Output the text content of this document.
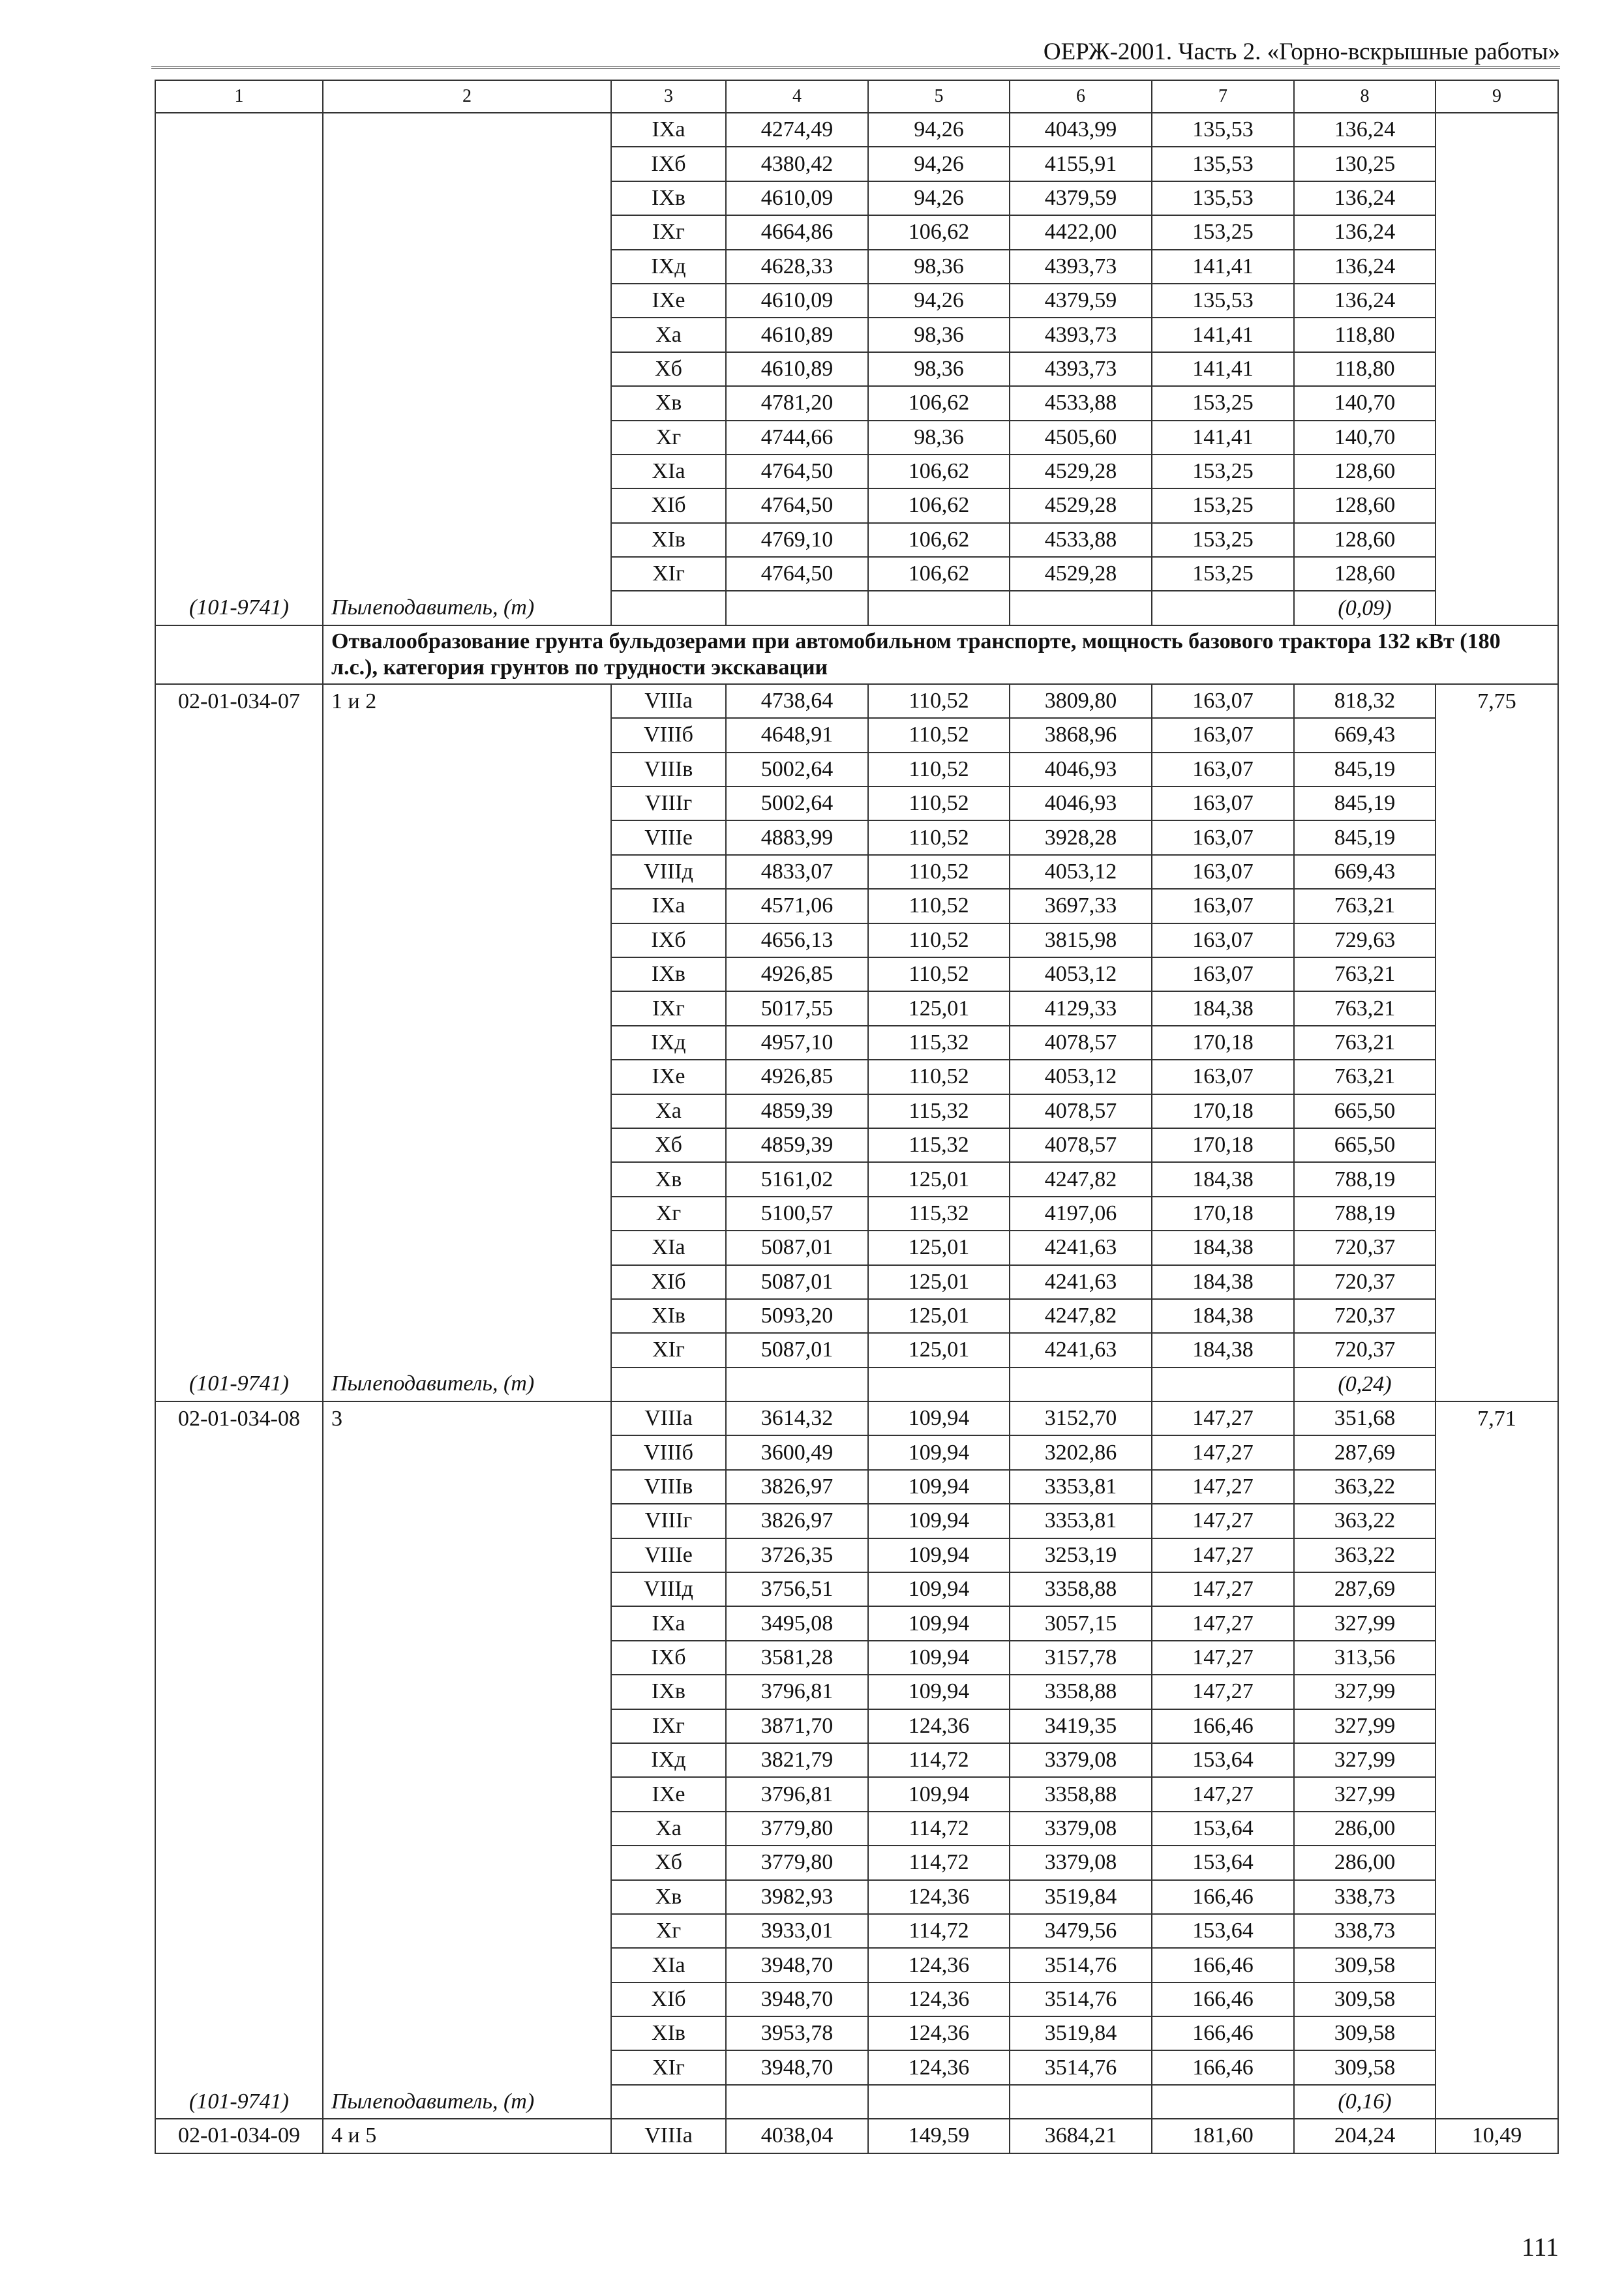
ОЕРЖ-2001. Часть 2. «Горно-вскрышные работы»
1	2	3	4	5	6	7	8	9
		IXа	4274,49	94,26	4043,99	135,53	136,24	
		IXб	4380,42	94,26	4155,91	135,53	130,25	
		IXв	4610,09	94,26	4379,59	135,53	136,24	
		IXг	4664,86	106,62	4422,00	153,25	136,24	
		IXд	4628,33	98,36	4393,73	141,41	136,24	
		IXе	4610,09	94,26	4379,59	135,53	136,24	
		Xа	4610,89	98,36	4393,73	141,41	118,80	
		Xб	4610,89	98,36	4393,73	141,41	118,80	
		Xв	4781,20	106,62	4533,88	153,25	140,70	
		Xг	4744,66	98,36	4505,60	141,41	140,70	
		XIа	4764,50	106,62	4529,28	153,25	128,60	
		XIб	4764,50	106,62	4529,28	153,25	128,60	
		XIв	4769,10	106,62	4533,88	153,25	128,60	
		XIг	4764,50	106,62	4529,28	153,25	128,60	
(101-9741)	Пылеподавитель, (т)						(0,09)	
	Отвалообразование грунта бульдозерами при автомобильном транспорте, мощность базового трактора 132 кВт (180 л.с.), категория грунтов по трудности экскавации							
02-01-034-07	1 и 2	VIIIа	4738,64	110,52	3809,80	163,07	818,32	7,75
		VIIIб	4648,91	110,52	3868,96	163,07	669,43	
		VIIIв	5002,64	110,52	4046,93	163,07	845,19	
		VIIIг	5002,64	110,52	4046,93	163,07	845,19	
		VIIIе	4883,99	110,52	3928,28	163,07	845,19	
		VIIIд	4833,07	110,52	4053,12	163,07	669,43	
		IXа	4571,06	110,52	3697,33	163,07	763,21	
		IXб	4656,13	110,52	3815,98	163,07	729,63	
		IXв	4926,85	110,52	4053,12	163,07	763,21	
		IXг	5017,55	125,01	4129,33	184,38	763,21	
		IXд	4957,10	115,32	4078,57	170,18	763,21	
		IXе	4926,85	110,52	4053,12	163,07	763,21	
		Xа	4859,39	115,32	4078,57	170,18	665,50	
		Xб	4859,39	115,32	4078,57	170,18	665,50	
		Xв	5161,02	125,01	4247,82	184,38	788,19	
		Xг	5100,57	115,32	4197,06	170,18	788,19	
		XIа	5087,01	125,01	4241,63	184,38	720,37	
		XIб	5087,01	125,01	4241,63	184,38	720,37	
		XIв	5093,20	125,01	4247,82	184,38	720,37	
		XIг	5087,01	125,01	4241,63	184,38	720,37	
(101-9741)	Пылеподавитель, (т)						(0,24)	
02-01-034-08	3	VIIIа	3614,32	109,94	3152,70	147,27	351,68	7,71
		VIIIб	3600,49	109,94	3202,86	147,27	287,69	
		VIIIв	3826,97	109,94	3353,81	147,27	363,22	
		VIIIг	3826,97	109,94	3353,81	147,27	363,22	
		VIIIе	3726,35	109,94	3253,19	147,27	363,22	
		VIIIд	3756,51	109,94	3358,88	147,27	287,69	
		IXа	3495,08	109,94	3057,15	147,27	327,99	
		IXб	3581,28	109,94	3157,78	147,27	313,56	
		IXв	3796,81	109,94	3358,88	147,27	327,99	
		IXг	3871,70	124,36	3419,35	166,46	327,99	
		IXд	3821,79	114,72	3379,08	153,64	327,99	
		IXе	3796,81	109,94	3358,88	147,27	327,99	
		Xа	3779,80	114,72	3379,08	153,64	286,00	
		Xб	3779,80	114,72	3379,08	153,64	286,00	
		Xв	3982,93	124,36	3519,84	166,46	338,73	
		Xг	3933,01	114,72	3479,56	153,64	338,73	
		XIа	3948,70	124,36	3514,76	166,46	309,58	
		XIб	3948,70	124,36	3514,76	166,46	309,58	
		XIв	3953,78	124,36	3519,84	166,46	309,58	
		XIг	3948,70	124,36	3514,76	166,46	309,58	
(101-9741)	Пылеподавитель, (т)						(0,16)	
02-01-034-09	4 и 5	VIIIа	4038,04	149,59	3684,21	181,60	204,24	10,49
111
